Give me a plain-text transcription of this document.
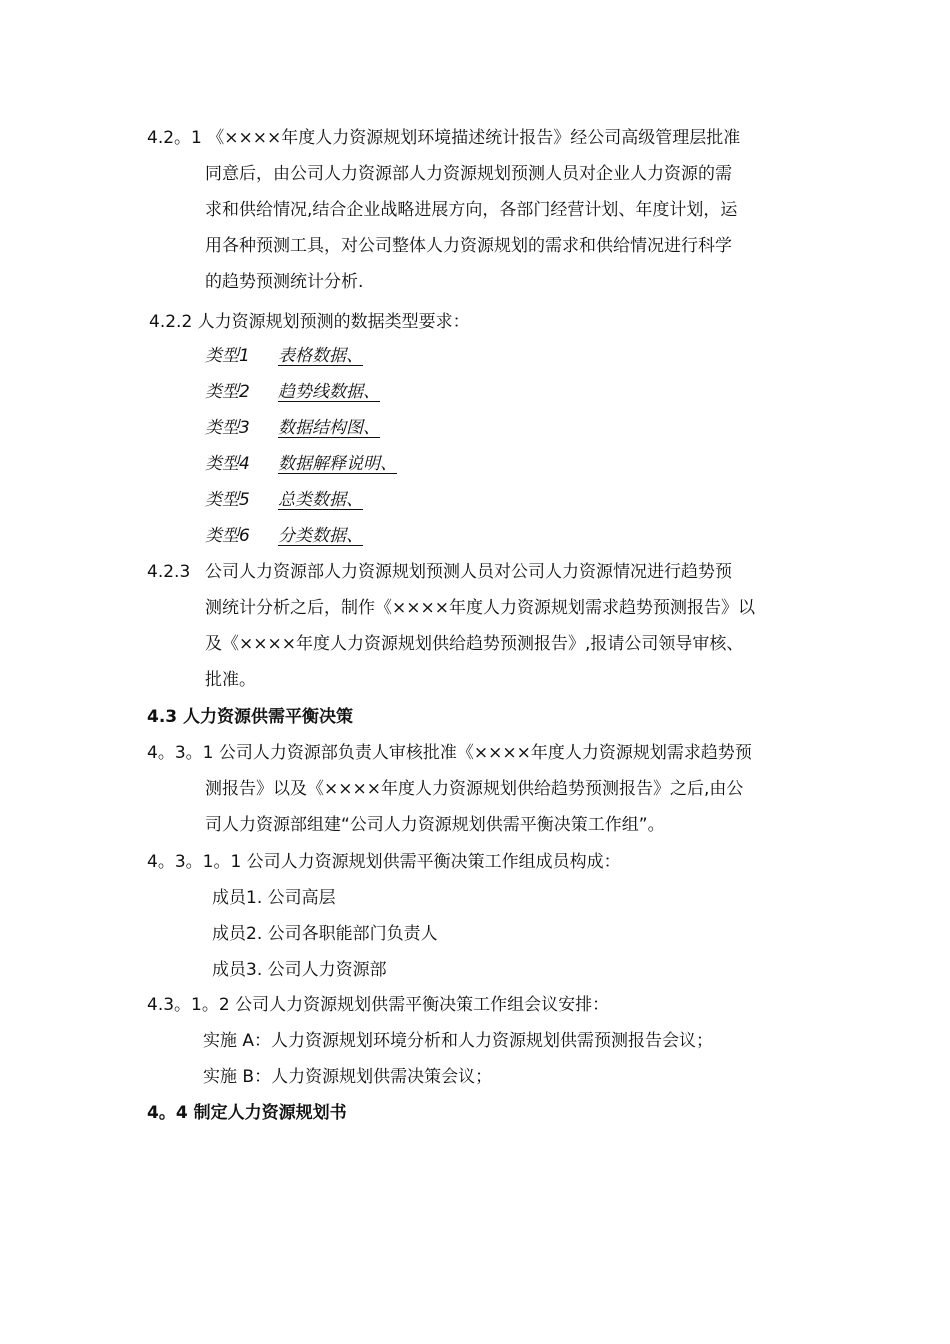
4.2。1 《××××年度人力资源规划环境描述统计报告》经公司高级管理层批准
同意后，由公司人力资源部人力资源规划预测人员对企业人力资源的需
求和供给情况,结合企业战略进展方向，各部门经营计划、年度计划，运
用各种预测工具，对公司整体人力资源规划的需求和供给情况进行科学
的趋势预测统计分析.
4.2.2 人力资源规划预测的数据类型要求：
类型1 表格数据、
类型2 趋势线数据、
类型3 数据结构图、
类型4 数据解释说明、
类型5 总类数据、
类型6 分类数据、
4.2.3 公司人力资源部人力资源规划预测人员对公司人力资源情况进行趋势预
测统计分析之后，制作《××××年度人力资源规划需求趋势预测报告》以
及《××××年度人力资源规划供给趋势预测报告》,报请公司领导审核、
批准。
4.3 人力资源供需平衡决策
4。3。1 公司人力资源部负责人审核批准《××××年度人力资源规划需求趋势预
测报告》以及《××××年度人力资源规划供给趋势预测报告》之后,由公
司人力资源部组建“公司人力资源规划供需平衡决策工作组”。
4。3。1。1 公司人力资源规划供需平衡决策工作组成员构成：
成员1. 公司高层
成员2. 公司各职能部门负责人
成员3. 公司人力资源部
4.3。1。2 公司人力资源规划供需平衡决策工作组会议安排：
实施 A：人力资源规划环境分析和人力资源规划供需预测报告会议；
实施 B：人力资源规划供需决策会议；
4。4 制定人力资源规划书
